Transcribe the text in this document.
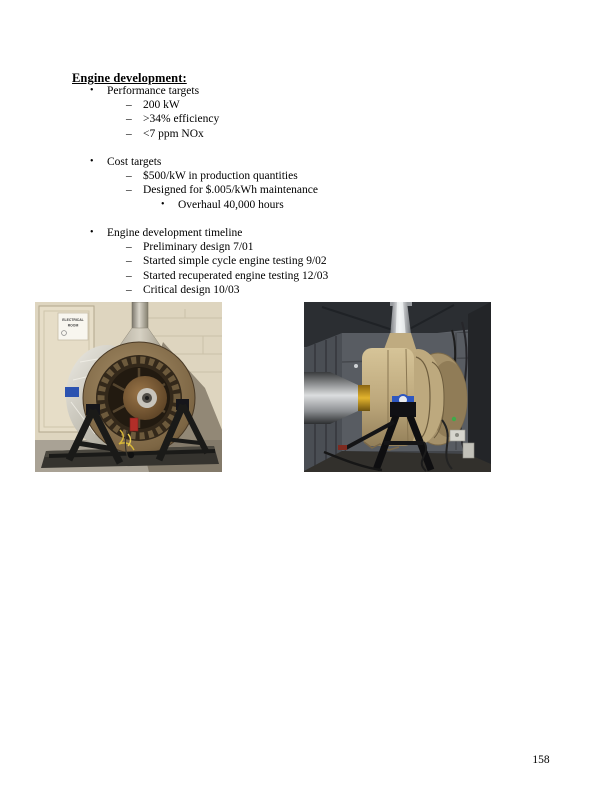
Engine development:
• Performance targets
– 200 kW
– >34% efficiency
– <7 ppm NOx
• Cost targets
– $500/kW in production quantities
– Designed for $.005/kWh maintenance
• Overhaul 40,000 hours
• Engine development timeline
– Preliminary design 7/01
– Started simple cycle engine testing 9/02
– Started recuperated engine testing 12/03
– Critical design 10/03
ELECTRICAL
ROOM
158
